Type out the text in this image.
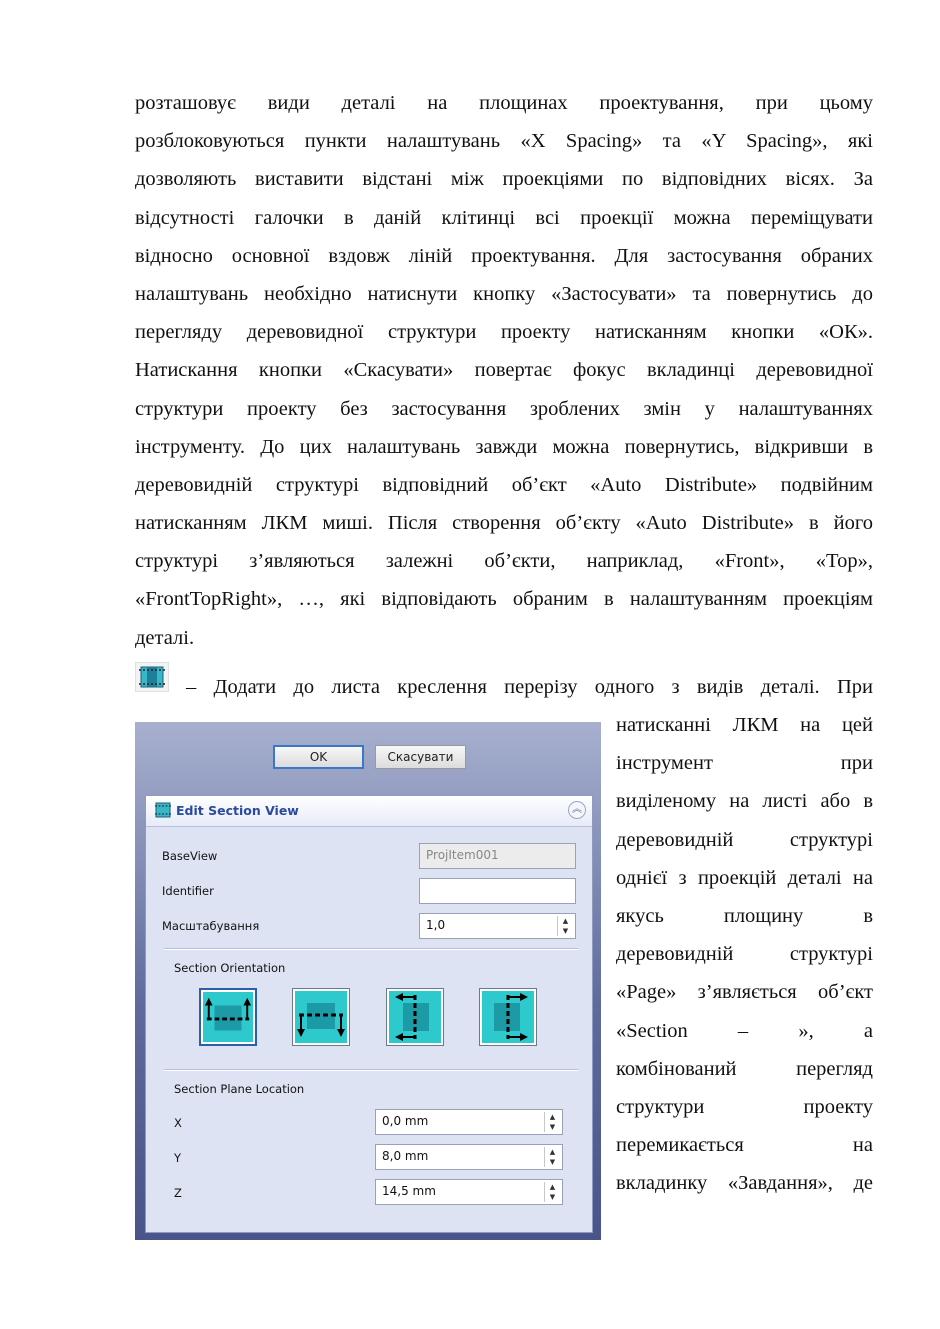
розташовує види деталі на площинах проектування, при цьому
розблоковуються пункти налаштувань «X Spacing» та «Y Spacing», які
дозволяють виставити відстані між проекціями по відповідних вісях. За
відсутності галочки в даній клітинці всі проекції можна переміщувати
відносно основної вздовж ліній проектування. Для застосування обраних
налаштувань необхідно натиснути кнопку «Застосувати» та повернутись до
перегляду деревовидної структури проекту натисканням кнопки «ОК».
Натискання кнопки «Скасувати» повертає фокус вкладинці деревовидної
структури проекту без застосування зроблених змін у налаштуваннях
інструменту. До цих налаштувань завжди можна повернутись, відкривши в
деревовидній структурі відповідний об’єкт «Auto Distribute» подвійним
натисканням ЛКМ миші. Після створення об’єкту «Auto Distribute» в його
структурі з’являються залежні об’єкти, наприклад, «Front», «Top»,
«FrontTopRight», …, які відповідають обраним в налаштуванням проекціям
деталі.
– Додати до листа креслення перерізу одного з видів деталі. При
натисканні ЛКМ на цей
інструмент при
виділеному на листі або в
деревовидній структурі
однієї з проекцій деталі на
якусь площину в
деревовидній структурі
«Page» з’являється об’єкт
«Section – », а
комбінований перегляд
структури проекту
перемикається на
вкладинку «Завдання», де
OK	Скасувати
Edit Section View	︽
BaseView	ProjItem001
Identifier
Масштабування	1,0	▲
▼
Section Orientation
Section Plane Location
X	0,0 mm	▲
▼
Y	8,0 mm	▲
▼
Z	14,5 mm	▲
▼
